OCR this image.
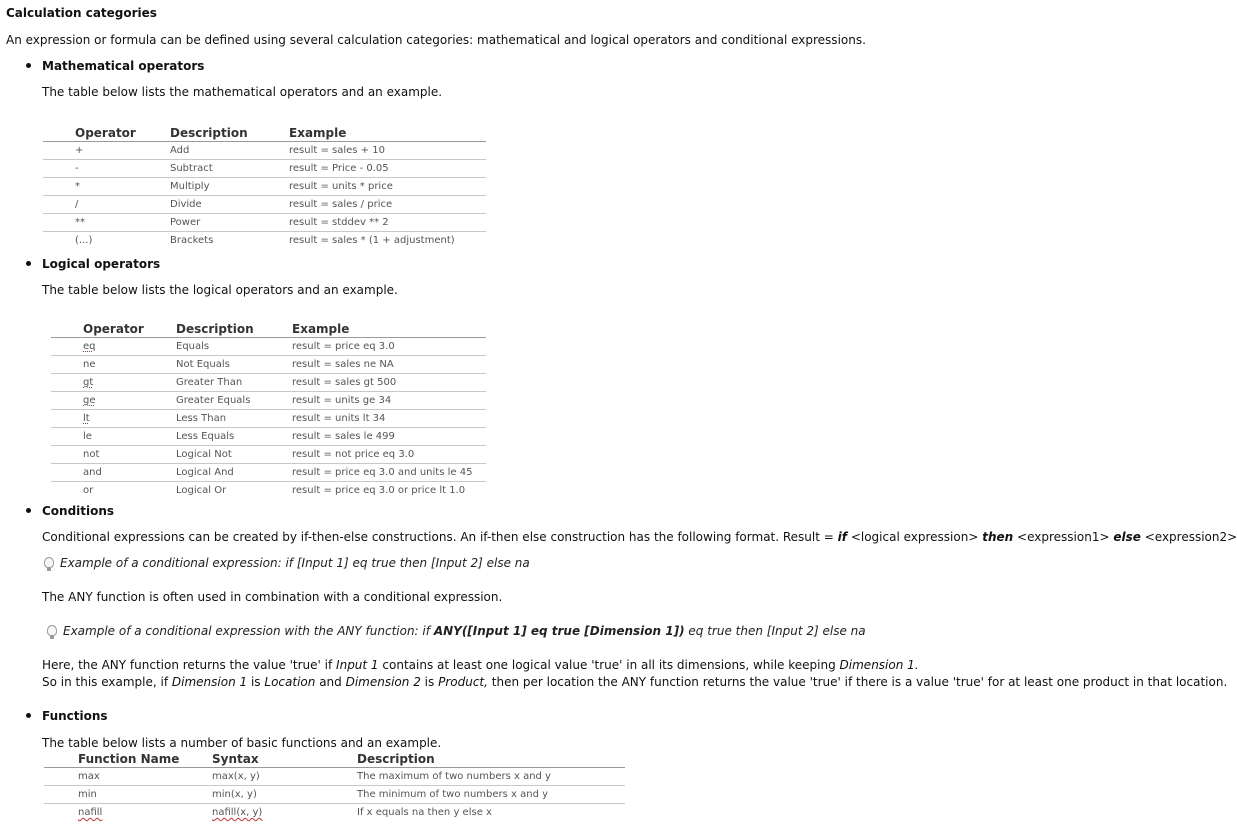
Calculation categories
An expression or formula can be defined using several calculation categories: mathematical and logical operators and conditional expressions.
Mathematical operators
The table below lists the mathematical operators and an example.
Operator	Description	Example
+	Add	result = sales + 10
-	Subtract	result = Price - 0.05
*	Multiply	result = units * price
/	Divide	result = sales / price
**	Power	result = stddev ** 2
(...)	Brackets	result = sales * (1 + adjustment)
Logical operators
The table below lists the logical operators and an example.
Operator	Description	Example
eq	Equals	result = price eq 3.0
ne	Not Equals	result = sales ne NA
gt	Greater Than	result = sales gt 500
ge	Greater Equals	result = units ge 34
lt	Less Than	result = units lt 34
le	Less Equals	result = sales le 499
not	Logical Not	result = not price eq 3.0
and	Logical And	result = price eq 3.0 and units le 45
or	Logical Or	result = price eq 3.0 or price lt 1.0
Conditions
Conditional expressions can be created by if-then-else constructions. An if-then else construction has the following format. Result = if <logical expression> then <expression1> else <expression2>
Example of a conditional expression: if [Input 1] eq true then [Input 2] else na
The ANY function is often used in combination with a conditional expression.
Example of a conditional expression with the ANY function: if ANY([Input 1] eq true [Dimension 1]) eq true then [Input 2] else na
Here, the ANY function returns the value 'true' if Input 1 contains at least one logical value 'true' in all its dimensions, while keeping Dimension 1.
So in this example, if Dimension 1 is Location and Dimension 2 is Product, then per location the ANY function returns the value 'true' if there is a value 'true' for at least one product in that location.
Functions
The table below lists a number of basic functions and an example.
Function Name	Syntax	Description
max	max(x, y)	The maximum of two numbers x and y
min	min(x, y)	The minimum of two numbers x and y
nafill	nafill(x, y)	If x equals na then y else x
